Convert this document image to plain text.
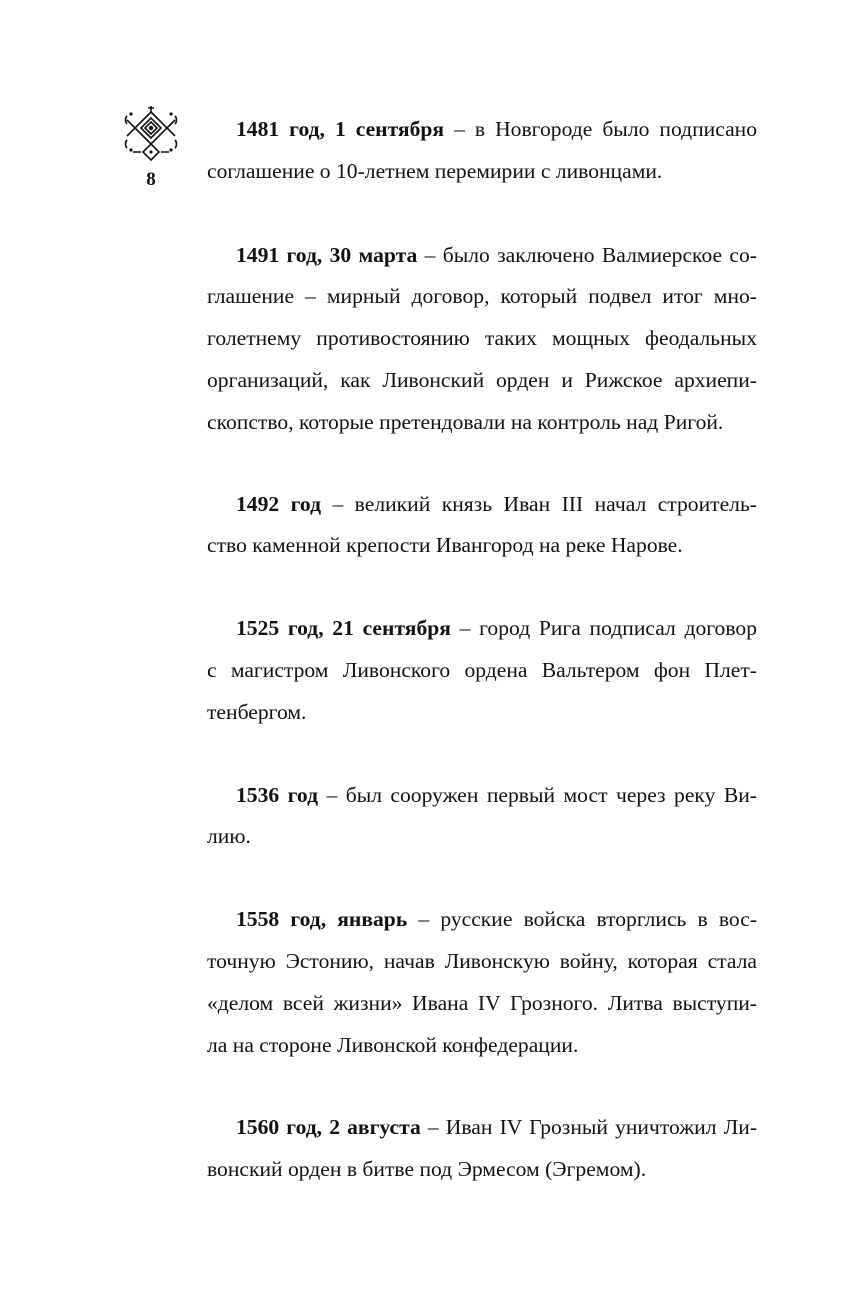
8

1481 год, 1 сентября – в Новгороде было подписано
соглашение о 10-летнем перемирии с ливонцами.

1491 год, 30 марта – было заключено Валмиерское со-
глашение – мирный договор, который подвел итог мно-
голетнему противостоянию таких мощных феодальных
организаций, как Ливонский орден и Рижское архиепи-
скопство, которые претендовали на контроль над Ригой.

1492 год – великий князь Иван III начал строитель-
ство каменной крепости Ивангород на реке Нарове.

1525 год, 21 сентября – город Рига подписал договор
с магистром Ливонского ордена Вальтером фон Плет-
тенбергом.

1536 год – был сооружен первый мост через реку Ви-
лию.

1558 год, январь – русские войска вторглись в вос-
точную Эстонию, начав Ливонскую войну, которая стала
«делом всей жизни» Ивана IV Грозного. Литва выступи-
ла на стороне Ливонской конфедерации.

1560 год, 2 августа – Иван IV Грозный уничтожил Ли-
вонский орден в битве под Эрмесом (Эгремом).
